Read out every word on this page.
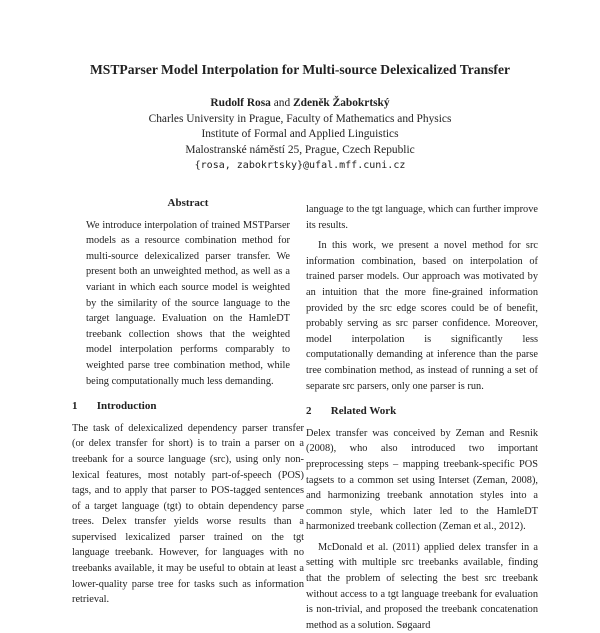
MSTParser Model Interpolation for Multi-source Delexicalized Transfer
Rudolf Rosa and Zdeněk Žabokrtský
Charles University in Prague, Faculty of Mathematics and Physics
Institute of Formal and Applied Linguistics
Malostranské náměstí 25, Prague, Czech Republic
{rosa, zabokrtsky}@ufal.mff.cuni.cz
Abstract
We introduce interpolation of trained MSTParser models as a resource combination method for multi-source delexicalized parser transfer. We present both an unweighted method, as well as a variant in which each source model is weighted by the similarity of the source language to the target language. Evaluation on the HamleDT treebank collection shows that the weighted model interpolation performs comparably to weighted parse tree combination method, while being computationally much less demanding.
1 Introduction

The task of delexicalized dependency parser transfer (or delex transfer for short) is to train a parser on a treebank for a source language (src), using only non-lexical features, most notably part-of-speech (POS) tags, and to apply that parser to POS-tagged sentences of a target language (tgt) to obtain dependency parse trees. Delex transfer yields worse results than a supervised lexicalized parser trained on the tgt language treebank. However, for languages with no treebanks available, it may be useful to obtain at least a lower-quality parse tree for tasks such as information retrieval.

language to the tgt language, which can further improve its results.

In this work, we present a novel method for src information combination, based on interpolation of trained parser models. Our approach was motivated by an intuition that the more fine-grained information provided by the src edge scores could be of benefit, probably serving as src parser confidence. Moreover, model interpolation is significantly less computationally demanding at inference than the parse tree combination method, as instead of running a set of separate src parsers, only one parser is run.

2 Related Work

Delex transfer was conceived by Zeman and Resnik (2008), who also introduced two important preprocessing steps – mapping treebank-specific POS tagsets to a common set using Interset (Zeman, 2008), and harmonizing treebank annotation styles into a common style, which later led to the HamleDT harmonized treebank collection (Zeman et al., 2012).

McDonald et al. (2011) applied delex transfer in a setting with multiple src treebanks available, finding that the problem of selecting the best src treebank without access to a tgt language treebank for evaluation is non-trivial, and proposed the treebank concatenation method as a solution. Søgaard
